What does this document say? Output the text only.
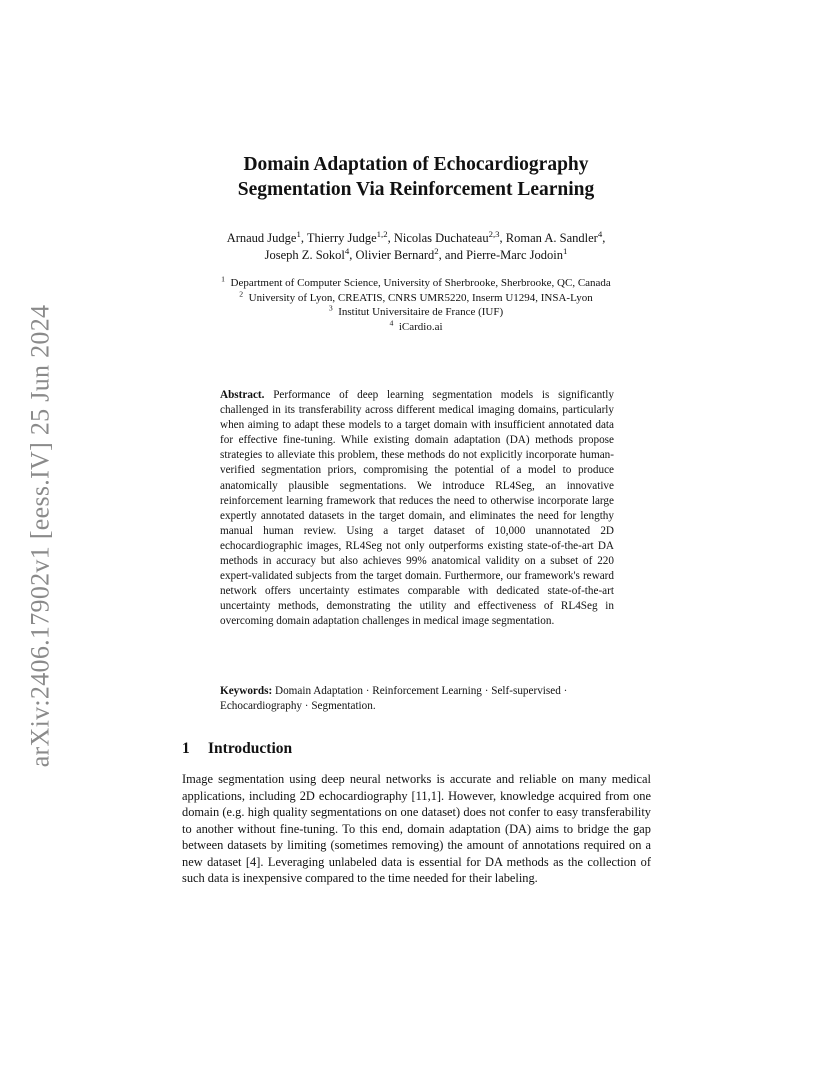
arXiv:2406.17902v1 [eess.IV] 25 Jun 2024
Domain Adaptation of Echocardiography
Segmentation Via Reinforcement Learning
Arnaud Judge$^1$, Thierry Judge$^{1,2}$, Nicolas Duchateau$^{2,3}$, Roman A. Sandler$^4$,
Joseph Z. Sokol$^4$, Olivier Bernard$^2$, and Pierre-Marc Jodoin$^1$
$^1$ Department of Computer Science, University of Sherbrooke, Sherbrooke, QC, Canada
$^2$ University of Lyon, CREATIS, CNRS UMR5220, Inserm U1294, INSA-Lyon
$^3$ Institut Universitaire de France (IUF)
$^4$ iCardio.ai
Abstract. Performance of deep learning segmentation models is significantly challenged in its transferability across different medical imaging domains, particularly when aiming to adapt these models to a target domain with insufficient annotated data for effective fine-tuning. While existing domain adaptation (DA) methods propose strategies to alleviate this problem, these methods do not explicitly incorporate human-verified segmentation priors, compromising the potential of a model to produce anatomically plausible segmentations. We introduce RL4Seg, an innovative reinforcement learning framework that reduces the need to otherwise incorporate large expertly annotated datasets in the target domain, and eliminates the need for lengthy manual human review. Using a target dataset of 10,000 unannotated 2D echocardiographic images, RL4Seg not only outperforms existing state-of-the-art DA methods in accuracy but also achieves 99% anatomical validity on a subset of 220 expert-validated subjects from the target domain. Furthermore, our framework's reward network offers uncertainty estimates comparable with dedicated state-of-the-art uncertainty methods, demonstrating the utility and effectiveness of RL4Seg in overcoming domain adaptation challenges in medical image segmentation.
Keywords: Domain Adaptation · Reinforcement Learning · Self-supervised · Echocardiography · Segmentation.
1 Introduction

Image segmentation using deep neural networks is accurate and reliable on many medical applications, including 2D echocardiography [11,1]. However, knowledge acquired from one domain (e.g. high quality segmentations on one dataset) does not confer to easy transferability to another without fine-tuning. To this end, domain adaptation (DA) aims to bridge the gap between datasets by limiting (sometimes removing) the amount of annotations required on a new dataset [4]. Leveraging unlabeled data is essential for DA methods as the collection of such data is inexpensive compared to the time needed for their labeling.
